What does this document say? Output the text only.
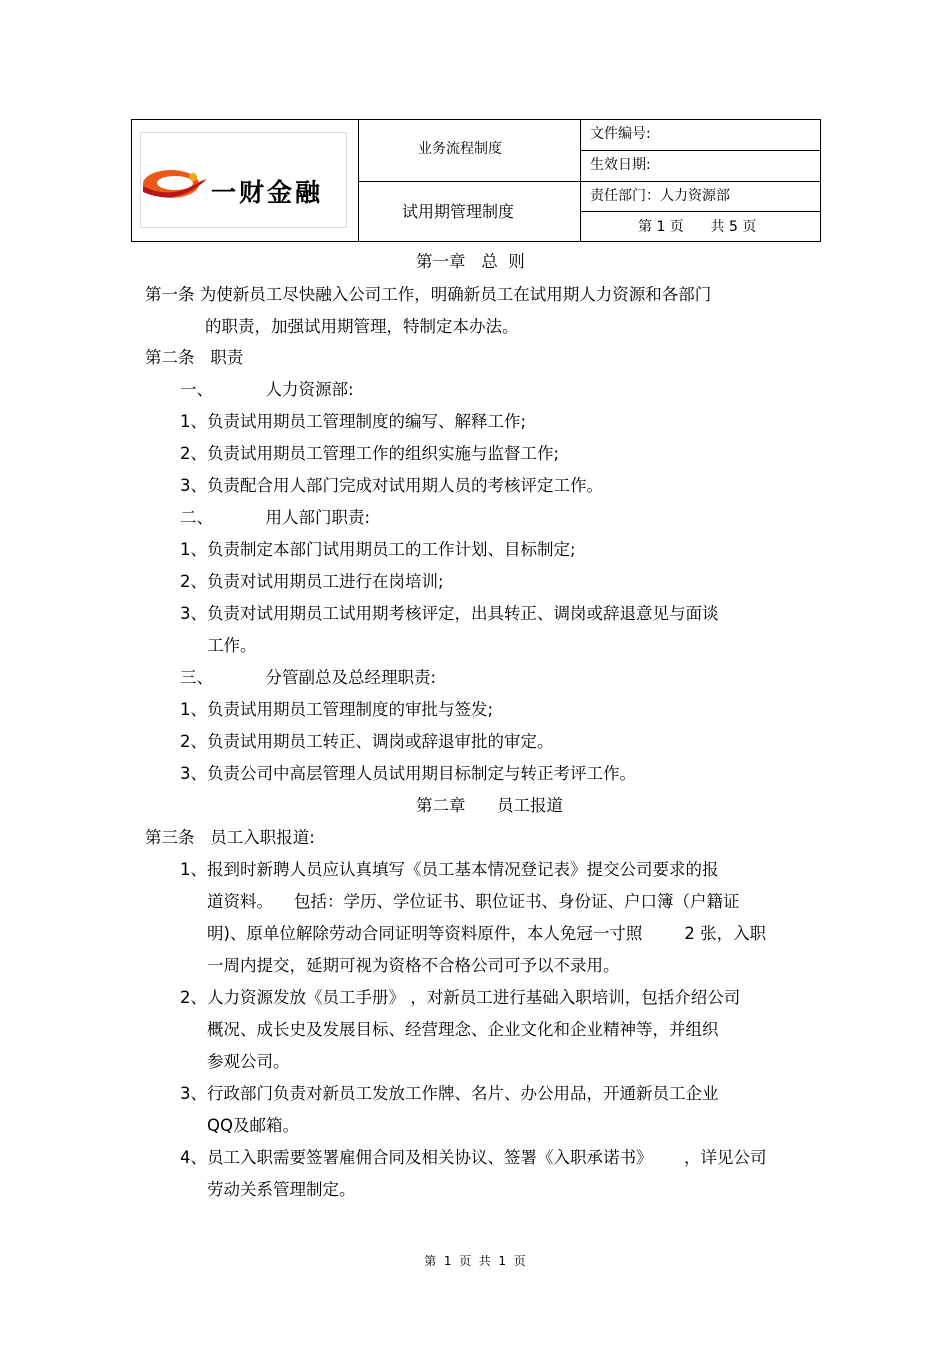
一财金融
业务流程制度
试用期管理制度
文件编号:
生效日期:
责任部门：人力资源部
第 1 页      共 5 页
第一章   总  则
第一条 为使新员工尽快融入公司工作，明确新员工在试用期人力资源和各部门
的职责，加强试用期管理，特制定本办法。
第二条   职责
一、          人力资源部:
1、负责试用期员工管理制度的编写、解释工作;
2、负责试用期员工管理工作的组织实施与监督工作;
3、负责配合用人部门完成对试用期人员的考核评定工作。
二、          用人部门职责:
1、负责制定本部门试用期员工的工作计划、目标制定;
2、负责对试用期员工进行在岗培训;
3、负责对试用期员工试用期考核评定，出具转正、调岗或辞退意见与面谈
工作。
三、          分管副总及总经理职责:
1、负责试用期员工管理制度的审批与签发;
2、负责试用期员工转正、调岗或辞退审批的审定。
3、负责公司中高层管理人员试用期目标制定与转正考评工作。
第二章      员工报道
第三条   员工入职报道:
1、报到时新聘人员应认真填写《员工基本情况登记表》提交公司要求的报
道资料。    包括：学历、学位证书、职位证书、身份证、户口簿（户籍证
明)、原单位解除劳动合同证明等资料原件，本人免冠一寸照        2 张，入职
一周内提交，延期可视为资格不合格公司可予以不录用。
2、人力资源发放《员工手册》 ，对新员工进行基础入职培训，包括介绍公司
概况、成长史及发展目标、经营理念、企业文化和企业精神等，并组织
参观公司。
3、行政部门负责对新员工发放工作牌、名片、办公用品，开通新员工企业
QQ及邮箱。
4、员工入职需要签署雇佣合同及相关协议、签署《入职承诺书》      ，详见公司
劳动关系管理制定。
第  1  页  共  1  页
